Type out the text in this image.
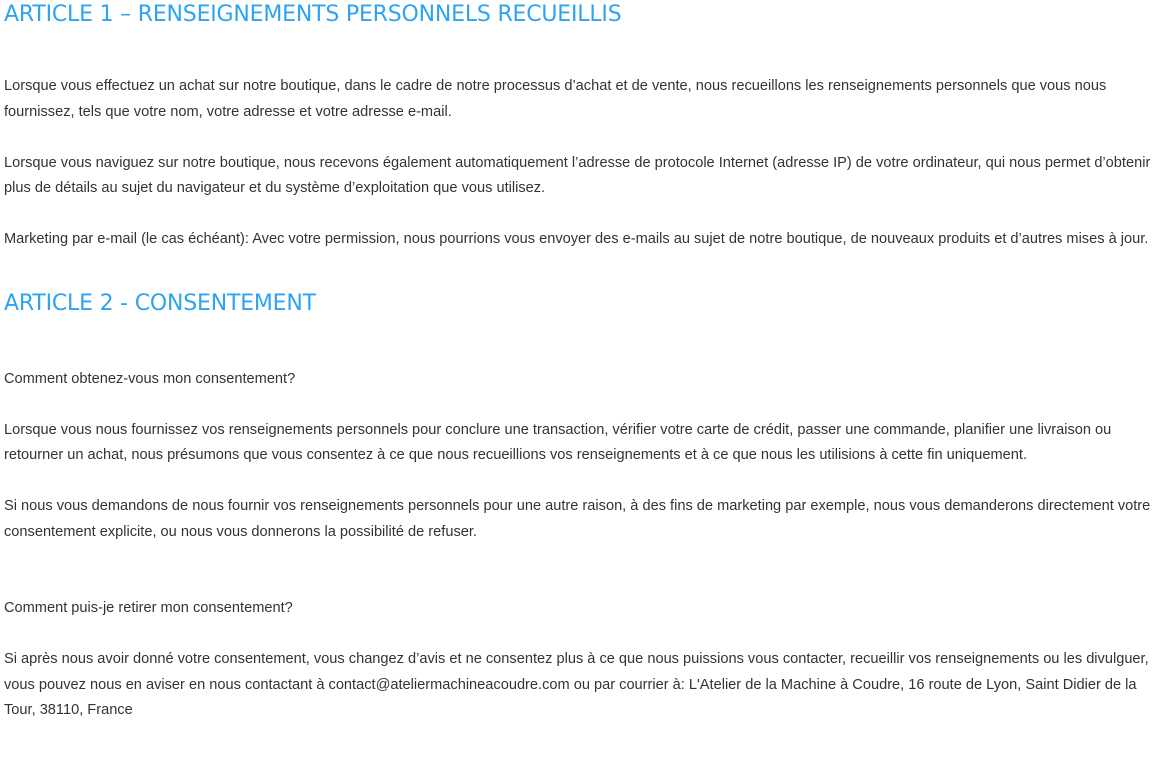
ARTICLE 1 – RENSEIGNEMENTS PERSONNELS RECUEILLIS

Lorsque vous effectuez un achat sur notre boutique, dans le cadre de notre processus d’achat et de vente, nous recueillons les renseignements personnels que vous nous fournissez, tels que votre nom, votre adresse et votre adresse e-mail.

Lorsque vous naviguez sur notre boutique, nous recevons également automatiquement l’adresse de protocole Internet (adresse IP) de votre ordinateur, qui nous permet d’obtenir plus de détails au sujet du navigateur et du système d’exploitation que vous utilisez.

Marketing par e-mail (le cas échéant): Avec votre permission, nous pourrions vous envoyer des e-mails au sujet de notre boutique, de nouveaux produits et d’autres mises à jour.

ARTICLE 2 - CONSENTEMENT

Comment obtenez-vous mon consentement?

Lorsque vous nous fournissez vos renseignements personnels pour conclure une transaction, vérifier votre carte de crédit, passer une commande, planifier une livraison ou retourner un achat, nous présumons que vous consentez à ce que nous recueillions vos renseignements et à ce que nous les utilisions à cette fin uniquement.

Si nous vous demandons de nous fournir vos renseignements personnels pour une autre raison, à des fins de marketing par exemple, nous vous demanderons directement votre consentement explicite, ou nous vous donnerons la possibilité de refuser.

Comment puis-je retirer mon consentement?

Si après nous avoir donné votre consentement, vous changez d’avis et ne consentez plus à ce que nous puissions vous contacter, recueillir vos renseignements ou les divulguer, vous pouvez nous en aviser en nous contactant à contact@ateliermachineacoudre.com ou par courrier à: L'Atelier de la Machine à Coudre, 16 route de Lyon, Saint Didier de la Tour, 38110, France
